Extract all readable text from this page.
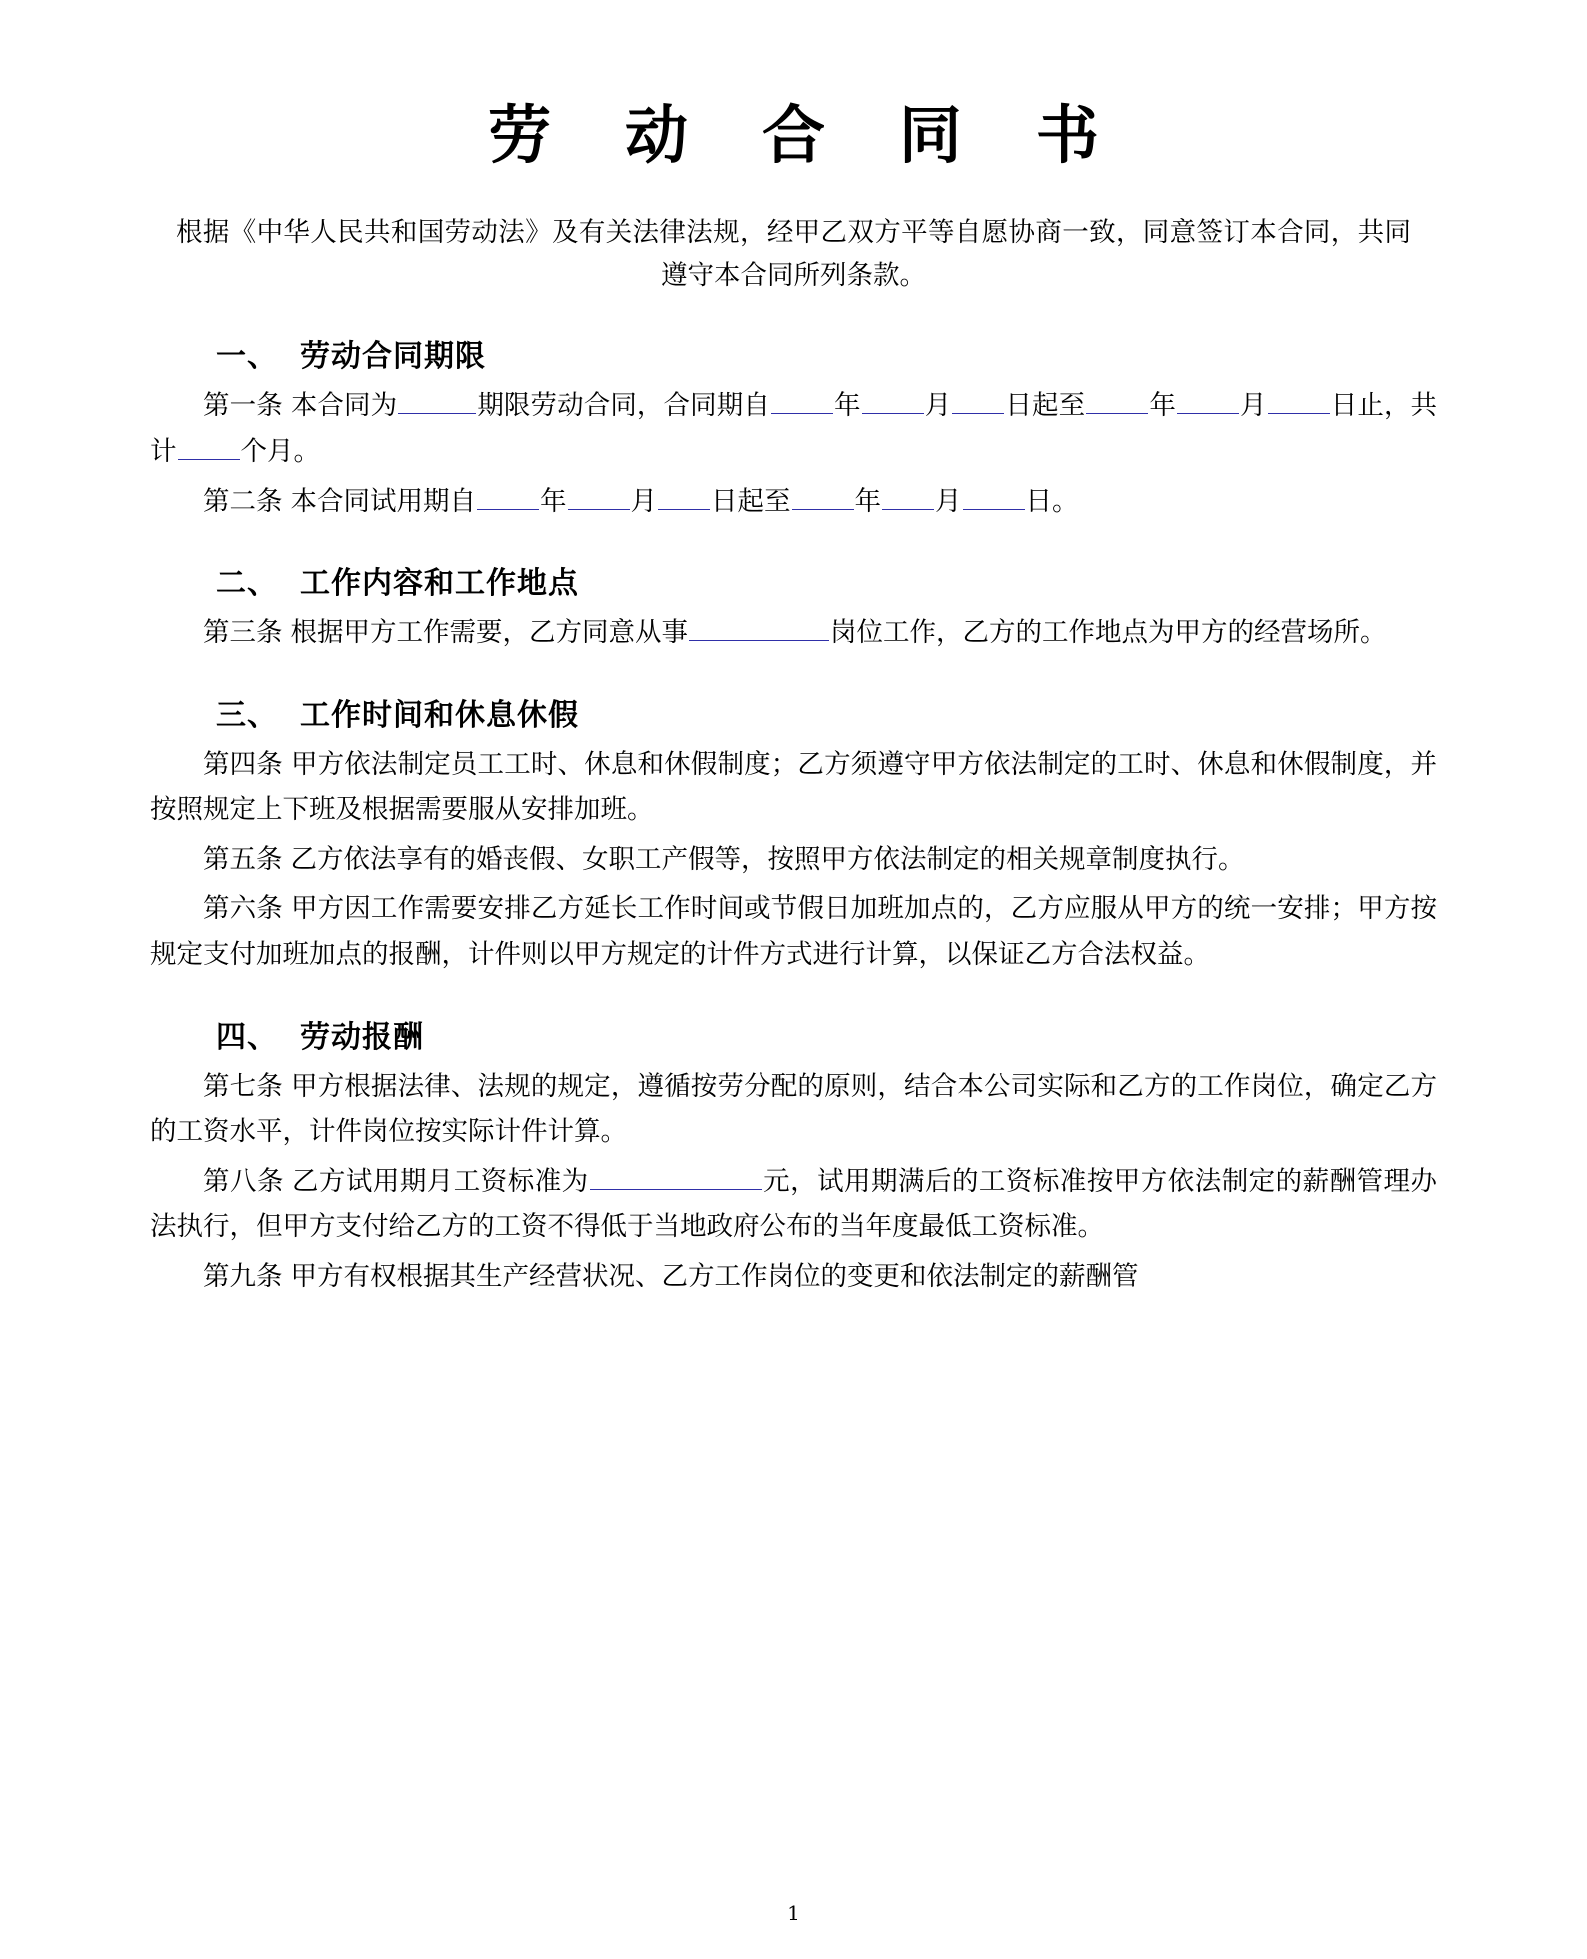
劳 动 合 同 书

根据《中华人民共和国劳动法》及有关法律法规，经甲乙双方平等自愿协商一致，同意签订本合同，共同遵守本合同所列条款。

一、 劳动合同期限

第一条 本合同为	期限劳动合同，合同期自 年 月 日起至 年 月 日止，共计 个月。

第二条 本合同试用期自 年 月 日起至 年 月 日。

二、 工作内容和工作地点

第三条 根据甲方工作需要，乙方同意从事	岗位工作，乙方的工作地点为甲方的经营场所。

三、 工作时间和休息休假

第四条 甲方依法制定员工工时、休息和休假制度；乙方须遵守甲方依法制定的工时、休息和休假制度，并按照规定上下班及根据需要服从安排加班。

第五条 乙方依法享有的婚丧假、女职工产假等，按照甲方依法制定的相关规章制度执行。

第六条 甲方因工作需要安排乙方延长工作时间或节假日加班加点的，乙方应服从甲方的统一安排；甲方按规定支付加班加点的报酬，计件则以甲方规定的计件方式进行计算，以保证乙方合法权益。

四、 劳动报酬

第七条 甲方根据法律、法规的规定，遵循按劳分配的原则，结合本公司实际和乙方的工作岗位，确定乙方的工资水平，计件岗位按实际计件计算。

第八条 乙方试用期月工资标准为	元，试用期满后的工资标准按甲方依法制定的薪酬管理办法执行，但甲方支付给乙方的工资不得低于当地政府公布的当年度最低工资标准。

第九条 甲方有权根据其生产经营状况、乙方工作岗位的变更和依法制定的薪酬管

1
